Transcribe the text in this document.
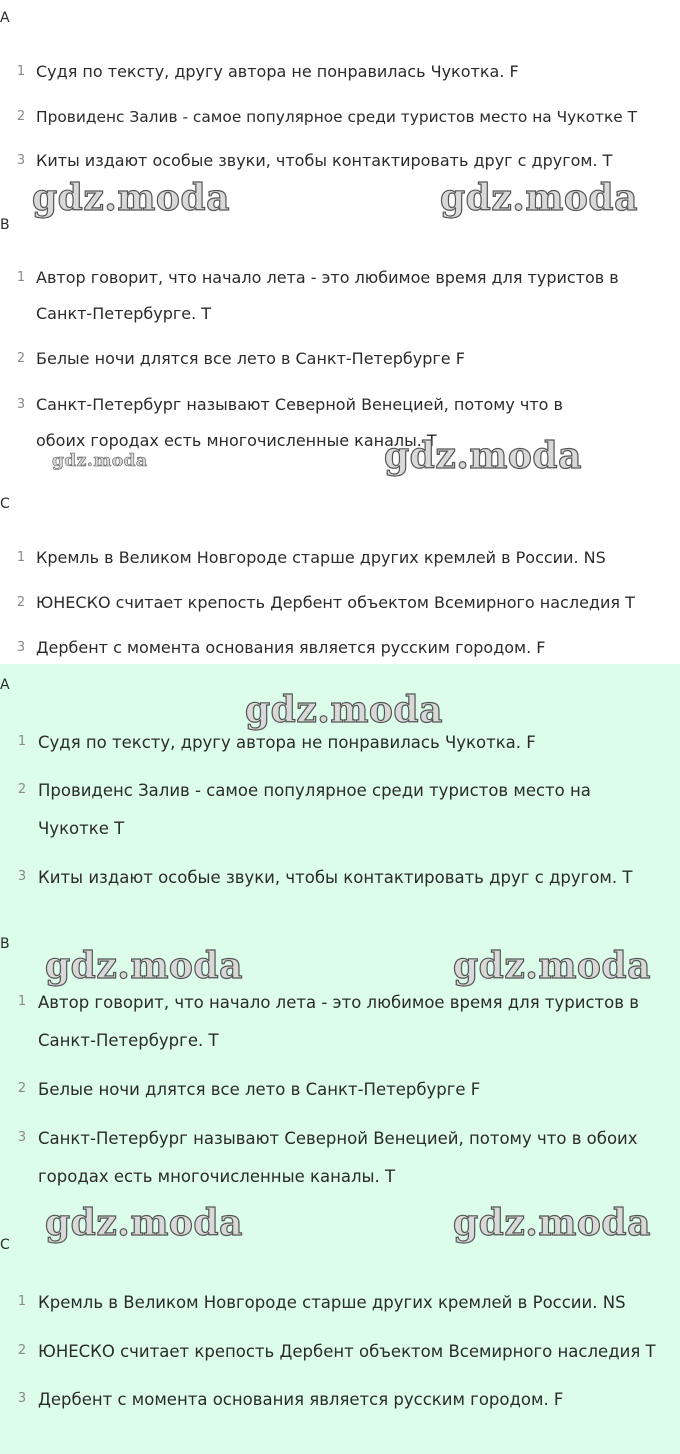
A
1 Судя по тексту, другу автора не понравилась Чукотка. F
2 Провиденс Залив - самое популярное среди туристов место на Чукотке T
3 Киты издают особые звуки, чтобы контактировать друг с другом. T
B
1 Автор говорит, что начало лета - это любимое время для туристов в Санкт-Петербурге. T
2 Белые ночи длятся все лето в Санкт-Петербурге F
3 Санкт-Петербург называют Северной Венецией, потому что в обоих городах есть многочисленные каналы. T
C
1 Кремль в Великом Новгороде старше других кремлей в России. NS
2 ЮНЕСКО считает крепость Дербент объектом Всемирного наследия T
3 Дербент с момента основания является русским городом. F
A
1 Судя по тексту, другу автора не понравилась Чукотка. F
2 Провиденс Залив - самое популярное среди туристов место на Чукотке T
3 Киты издают особые звуки, чтобы контактировать друг с другом. T
B
1 Автор говорит, что начало лета - это любимое время для туристов в Санкт-Петербурге. T
2 Белые ночи длятся все лето в Санкт-Петербурге F
3 Санкт-Петербург называют Северной Венецией, потому что в обоих городах есть многочисленные каналы. T
C
1 Кремль в Великом Новгороде старше других кремлей в России. NS
2 ЮНЕСКО считает крепость Дербент объектом Всемирного наследия T
3 Дербент с момента основания является русским городом. F
gdz.moda	gdz.moda
gdz.moda
gdz.moda
gdz.moda
gdz.moda	gdz.moda
gdz.moda	gdz.moda
